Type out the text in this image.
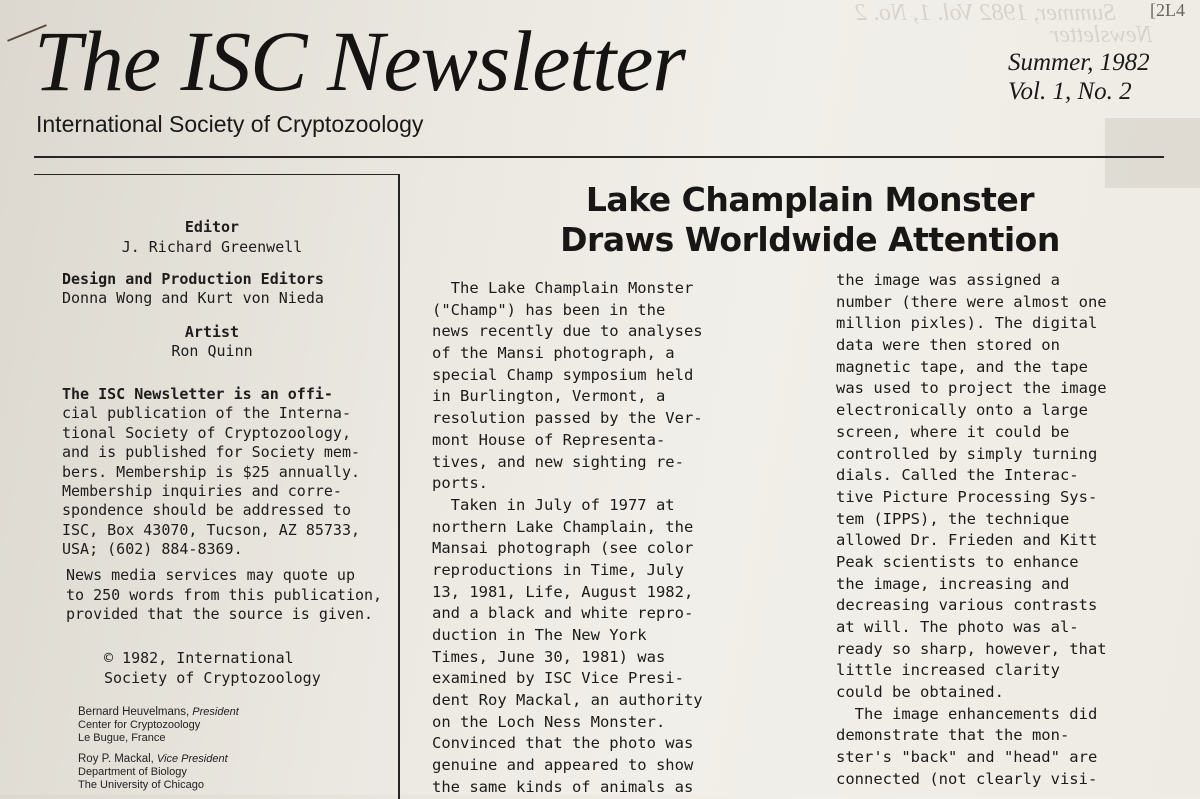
Summer, 1982 Vol. 1, No. 2
Newsletter
[2L4
The ISC Newsletter
International Society of Cryptozoology
Summer, 1982
Vol. 1, No. 2
Editor
J. Richard Greenwell
Design and Production Editors
Donna Wong and Kurt von Nieda
Artist
Ron Quinn
The ISC Newsletter is an offi-
cial publication of the Interna-
tional Society of Cryptozoology,
and is published for Society mem-
bers. Membership is $25 annually.
Membership inquiries and corre-
spondence should be addressed to
ISC, Box 43070, Tucson, AZ 85733,
USA; (602) 884-8369.
News media services may quote up
to 250 words from this publication,
provided that the source is given.
© 1982, International
Society of Cryptozoology
Bernard Heuvelmans, President
Center for Cryptozoology
Le Bugue, France
Roy P. Mackal, Vice President
Department of Biology
The University of Chicago
Lake Champlain Monster
Draws Worldwide Attention
The Lake Champlain Monster
("Champ") has been in the
news recently due to analyses
of the Mansi photograph, a
special Champ symposium held
in Burlington, Vermont, a
resolution passed by the Ver-
mont House of Representa-
tives, and new sighting re-
ports.
Taken in July of 1977 at
northern Lake Champlain, the
Mansai photograph (see color
reproductions in Time, July
13, 1981, Life, August 1982,
and a black and white repro-
duction in The New York
Times, June 30, 1981) was
examined by ISC Vice Presi-
dent Roy Mackal, an authority
on the Loch Ness Monster.
Convinced that the photo was
genuine and appeared to show
the same kinds of animals as
the image was assigned a
number (there were almost one
million pixles). The digital
data were then stored on
magnetic tape, and the tape
was used to project the image
electronically onto a large
screen, where it could be
controlled by simply turning
dials. Called the Interac-
tive Picture Processing Sys-
tem (IPPS), the technique
allowed Dr. Frieden and Kitt
Peak scientists to enhance
the image, increasing and
decreasing various contrasts
at will. The photo was al-
ready so sharp, however, that
little increased clarity
could be obtained.
The image enhancements did
demonstrate that the mon-
ster's "back" and "head" are
connected (not clearly visi-
